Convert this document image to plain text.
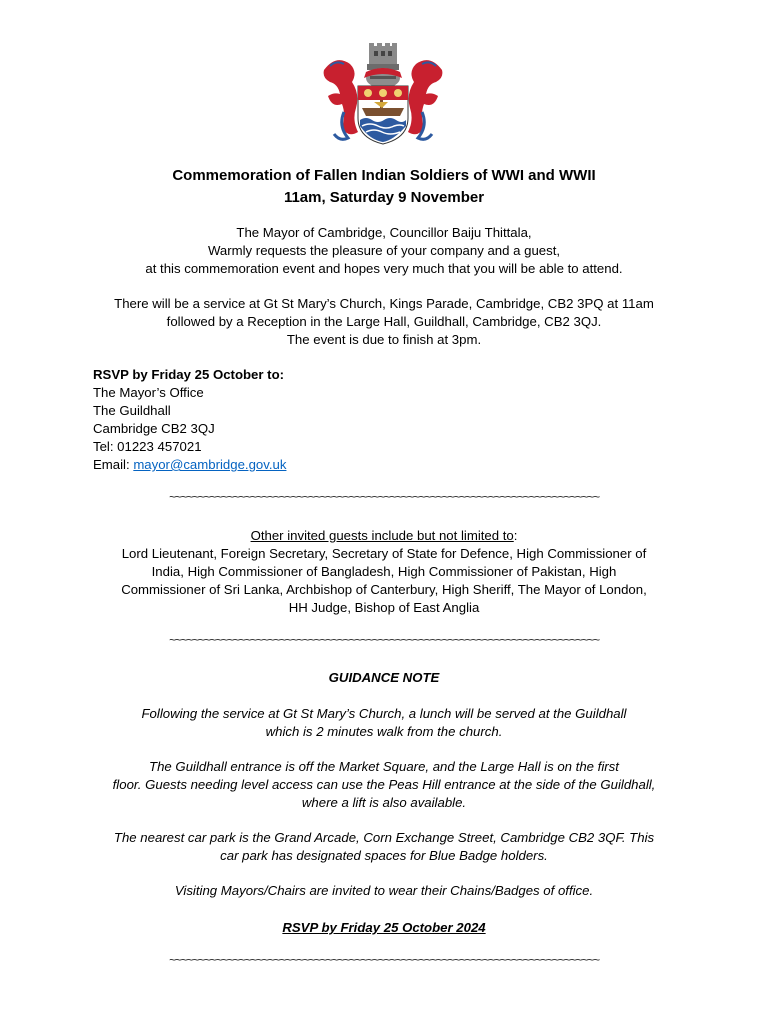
Commemoration of Fallen Indian Soldiers of WWI and WWII
11am, Saturday 9 November
The Mayor of Cambridge, Councillor Baiju Thittala,
Warmly requests the pleasure of your company and a guest,
at this commemoration event and hopes very much that you will be able to attend.
There will be a service at Gt St Mary’s Church, Kings Parade, Cambridge, CB2 3PQ at 11am
followed by a Reception in the Large Hall, Guildhall, Cambridge, CB2 3QJ.
The event is due to finish at 3pm.
RSVP by Friday 25 October to:
The Mayor’s Office
The Guildhall
Cambridge CB2 3QJ
Tel: 01223 457021
Email: mayor@cambridge.gov.uk
~~~~~~~~~~~~~~~~~~~~~~~~~~~~~~~~~~~~~~~~~~~~~~~~~~~~~~~~~~~~~~~~~~~~~~~~~~
Other invited guests include but not limited to:
Lord Lieutenant, Foreign Secretary, Secretary of State for Defence, High Commissioner of
India, High Commissioner of Bangladesh, High Commissioner of Pakistan, High
Commissioner of Sri Lanka, Archbishop of Canterbury, High Sheriff, The Mayor of London,
HH Judge, Bishop of East Anglia
~~~~~~~~~~~~~~~~~~~~~~~~~~~~~~~~~~~~~~~~~~~~~~~~~~~~~~~~~~~~~~~~~~~~~~~~~~
GUIDANCE NOTE
Following the service at Gt St Mary’s Church, a lunch will be served at the Guildhall
which is 2 minutes walk from the church.
The Guildhall entrance is off the Market Square, and the Large Hall is on the first
floor. Guests needing level access can use the Peas Hill entrance at the side of the Guildhall,
where a lift is also available.
The nearest car park is the Grand Arcade, Corn Exchange Street, Cambridge CB2 3QF. This
car park has designated spaces for Blue Badge holders.
Visiting Mayors/Chairs are invited to wear their Chains/Badges of office.
RSVP by Friday 25 October 2024
~~~~~~~~~~~~~~~~~~~~~~~~~~~~~~~~~~~~~~~~~~~~~~~~~~~~~~~~~~~~~~~~~~~~~~~~~~
